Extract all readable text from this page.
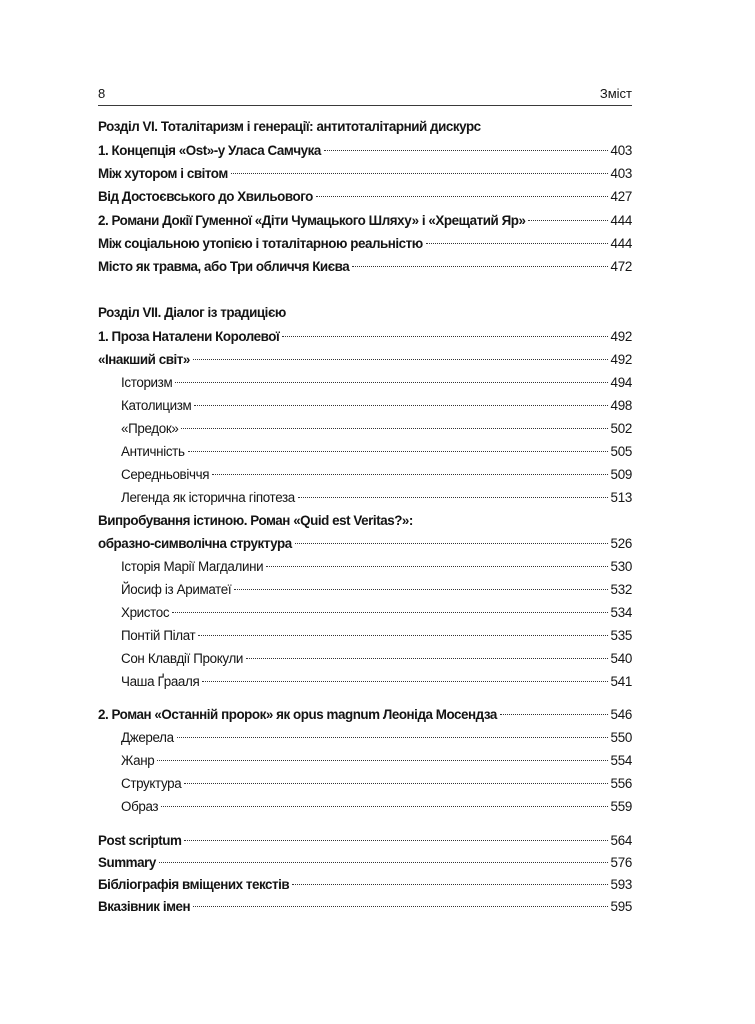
8	Зміст
Розділ VI. Тоталітаризм і генерації: антитоталітарний дискурс
1. Концепція «Ost»-у Уласа Самчука	403
Між хутором і світом	403
Від Достоєвського до Хвильового	427
2. Романи Докії Гуменної «Діти Чумацького Шляху» і «Хрещатий Яр»	444
Між соціальною утопією і тоталітарною реальністю	444
Місто як травма, або Три обличчя Києва	472
Розділ VII. Діалог із традицією
1. Проза Наталени Королевої	492
«Інакший світ»	492
Історизм	494
Католицизм	498
«Предок»	502
Античність	505
Середньовіччя	509
Легенда як історична гіпотеза	513
Випробування істиною. Роман «Quid est Veritas?»:
образно-символічна структура	526
Історія Марії Магдалини	530
Йосиф із Ариматеї	532
Христос	534
Понтій Пілат	535
Сон Клавдії Прокули	540
Чаша Ґрааля	541
2. Роман «Останній пророк» як opus magnum Леоніда Мосендза	546
Джерела	550
Жанр	554
Структура	556
Образ	559
Post scriptum	564
Summary	576
Бібліографія вміщених текстів	593
Вказівник імен	595
